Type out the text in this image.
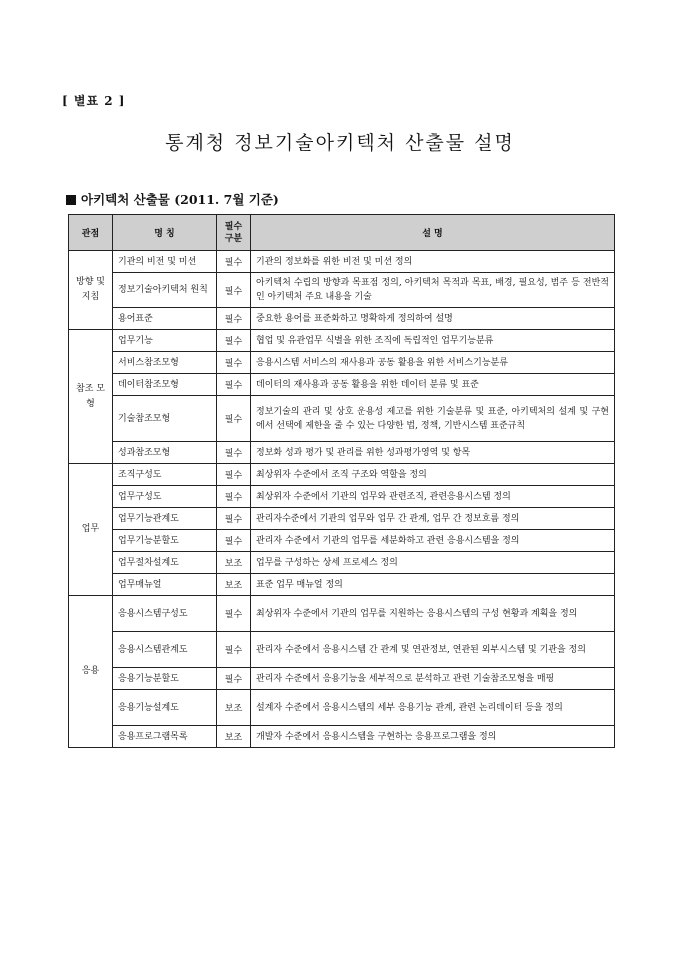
[ 별표 2 ]
통계청 정보기술아키텍처 산출물 설명
아키텍처 산출물 (2011. 7월 기준)
관점	명 칭	필수 구분	설 명
방향 및 지침	기관의 비전 및 미션	필수	기관의 정보화를 위한 비전 및 미션 정의
	정보기술아키텍처 원칙	필수	아키텍처 수립의 방향과 목표점 정의, 아키텍처 목적과 목표, 배경, 필요성, 범주 등 전반적인 아키텍처 주요 내용을 기술
	용어표준	필수	중요한 용어를 표준화하고 명확하게 정의하여 설명
참조 모형	업무기능	필수	협업 및 유관업무 식별을 위한 조직에 독립적인 업무기능분류
	서비스참조모형	필수	응용시스템 서비스의 재사용과 공동 활용을 위한 서비스기능분류
	데이터참조모형	필수	데이터의 재사용과 공동 활용을 위한 데이터 분류 및 표준
	기술참조모형	필수	정보기술의 관리 및 상호 운용성 제고를 위한 기술분류 및 표준, 아키텍처의 설계 및 구현에서 선택에 제한을 줄 수 있는 다양한 법, 정책, 기반시스템 표준규칙
	성과참조모형	필수	정보화 성과 평가 및 관리를 위한 성과평가영역 및 항목
업무	조직구성도	필수	최상위자 수준에서 조직 구조와 역할을 정의
	업무구성도	필수	최상위자 수준에서 기관의 업무와 관련조직, 관련응용시스템 정의
	업무기능관계도	필수	관리자수준에서 기관의 업무와 업무 간 관계, 업무 간 정보흐름 정의
	업무기능분할도	필수	관리자 수준에서 기관의 업무를 세분화하고 관련 응용시스템을 정의
	업무절차설계도	보조	업무를 구성하는 상세 프로세스 정의
	업무매뉴얼	보조	표준 업무 매뉴얼 정의
응용	응용시스템구성도	필수	최상위자 수준에서 기관의 업무를 지원하는 응용시스템의 구성 현황과 계획을 정의
	응용시스템관계도	필수	관리자 수준에서 응용시스템 간 관계 및 연관정보, 연관된 외부시스템 및 기관을 정의
	응용기능분할도	필수	관리자 수준에서 응용기능을 세부적으로 분석하고 관련 기술참조모형을 매핑
	응용기능설계도	보조	설계자 수준에서 응용시스템의 세부 응용기능 관계, 관련 논리데이터 등을 정의
	응용프로그램목록	보조	개발자 수준에서 응용시스템을 구현하는 응용프로그램을 정의
